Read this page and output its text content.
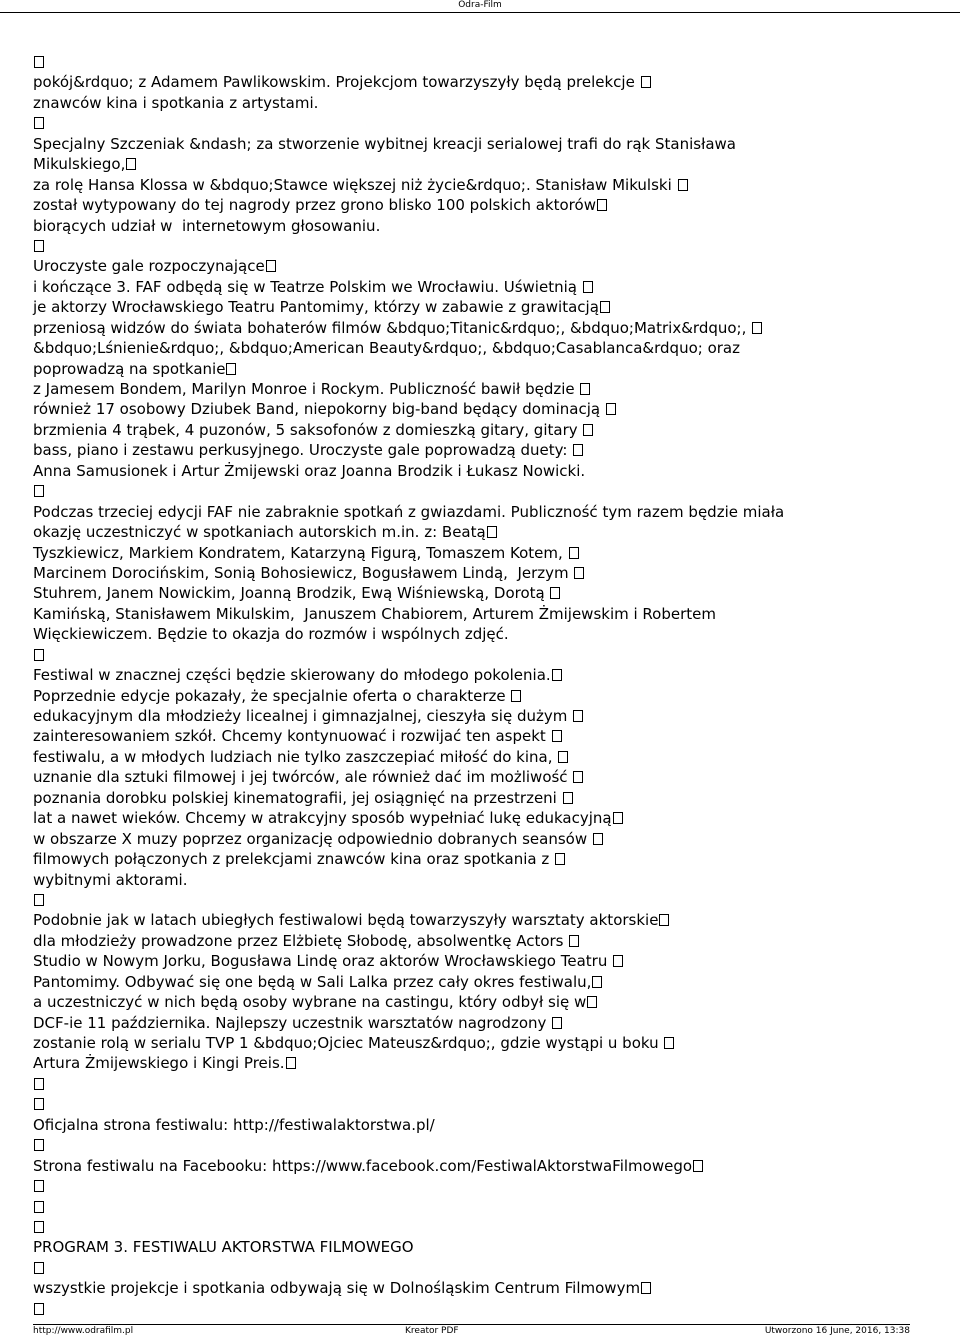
Odra-Film
pokój&rdquo; z Adamem Pawlikowskim. Projekcjom towarzyszyły będą prelekcje
znawców kina i spotkania z artystami.
Specjalny Szczeniak &ndash; za stworzenie wybitnej kreacji serialowej trafi do rąk Stanisława
Mikulskiego,
za rolę Hansa Klossa w &bdquo;Stawce większej niż życie&rdquo;. Stanisław Mikulski
został wytypowany do tej nagrody przez grono blisko 100 polskich aktorów
biorących udział w  internetowym głosowaniu.
Uroczyste gale rozpoczynające
i kończące 3. FAF odbędą się w Teatrze Polskim we Wrocławiu. Uświetnią
je aktorzy Wrocławskiego Teatru Pantomimy, którzy w zabawie z grawitacją
przeniosą widzów do świata bohaterów filmów &bdquo;Titanic&rdquo;, &bdquo;Matrix&rdquo;,
&bdquo;Lśnienie&rdquo;, &bdquo;American Beauty&rdquo;, &bdquo;Casablanca&rdquo; oraz
poprowadzą na spotkanie
z Jamesem Bondem, Marilyn Monroe i Rockym. Publiczność bawił będzie
również 17 osobowy Dziubek Band, niepokorny big-band będący dominacją
brzmienia 4 trąbek, 4 puzonów, 5 saksofonów z domieszką gitary, gitary
bass, piano i zestawu perkusyjnego. Uroczyste gale poprowadzą duety:
Anna Samusionek i Artur Żmijewski oraz Joanna Brodzik i Łukasz Nowicki.
Podczas trzeciej edycji FAF nie zabraknie spotkań z gwiazdami. Publiczność tym razem będzie miała
okazję uczestniczyć w spotkaniach autorskich m.in. z: Beatą
Tyszkiewicz, Markiem Kondratem, Katarzyną Figurą, Tomaszem Kotem,
Marcinem Dorocińskim, Sonią Bohosiewicz, Bogusławem Lindą,  Jerzym
Stuhrem, Janem Nowickim, Joanną Brodzik, Ewą Wiśniewską, Dorotą
Kamińską, Stanisławem Mikulskim,  Januszem Chabiorem, Arturem Żmijewskim i Robertem
Więckiewiczem. Będzie to okazja do rozmów i wspólnych zdjęć.
Festiwal w znacznej części będzie skierowany do młodego pokolenia.
Poprzednie edycje pokazały, że specjalnie oferta o charakterze
edukacyjnym dla młodzieży licealnej i gimnazjalnej, cieszyła się dużym
zainteresowaniem szkół. Chcemy kontynuować i rozwijać ten aspekt
festiwalu, a w młodych ludziach nie tylko zaszczepiać miłość do kina,
uznanie dla sztuki filmowej i jej twórców, ale również dać im możliwość
poznania dorobku polskiej kinematografii, jej osiągnięć na przestrzeni
lat a nawet wieków. Chcemy w atrakcyjny sposób wypełniać lukę edukacyjną
w obszarze X muzy poprzez organizację odpowiednio dobranych seansów
filmowych połączonych z prelekcjami znawców kina oraz spotkania z
wybitnymi aktorami.
Podobnie jak w latach ubiegłych festiwalowi będą towarzyszyły warsztaty aktorskie
dla młodzieży prowadzone przez Elżbietę Słobodę, absolwentkę Actors
Studio w Nowym Jorku, Bogusława Lindę oraz aktorów Wrocławskiego Teatru
Pantomimy. Odbywać się one będą w Sali Lalka przez cały okres festiwalu,
a uczestniczyć w nich będą osoby wybrane na castingu, który odbył się w
DCF-ie 11 października. Najlepszy uczestnik warsztatów nagrodzony
zostanie rolą w serialu TVP 1 &bdquo;Ojciec Mateusz&rdquo;, gdzie wystąpi u boku
Artura Żmijewskiego i Kingi Preis.
Oficjalna strona festiwalu: http://festiwalaktorstwa.pl/
Strona festiwalu na Facebooku: https://www.facebook.com/FestiwalAktorstwaFilmowego
PROGRAM 3. FESTIWALU AKTORSTWA FILMOWEGO
wszystkie projekcje i spotkania odbywają się w Dolnośląskim Centrum Filmowym
http://www.odrafilm.pl	Kreator PDF	Utworzono 16 June, 2016, 13:38
